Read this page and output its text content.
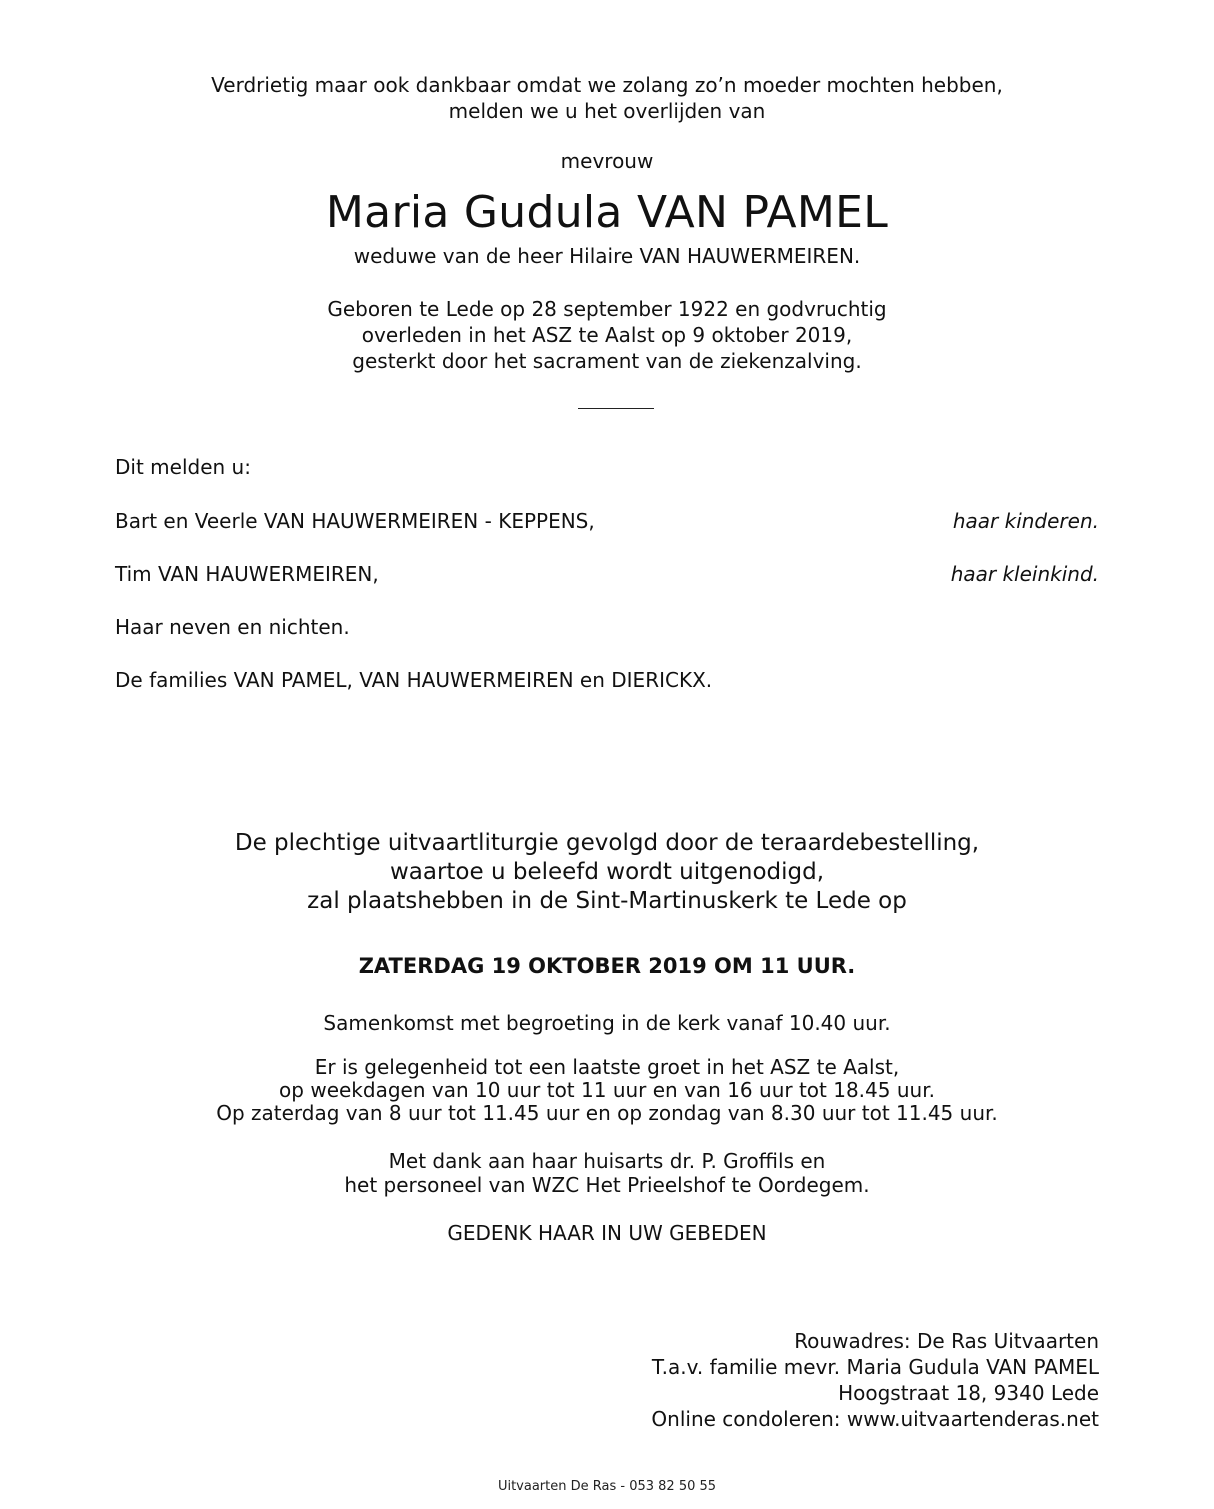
Verdrietig maar ook dankbaar omdat we zolang zo’n moeder mochten hebben,
melden we u het overlijden van
mevrouw
Maria Gudula VAN PAMEL
weduwe van de heer Hilaire VAN HAUWERMEIREN.
Geboren te Lede op 28 september 1922 en godvruchtig
overleden in het ASZ te Aalst op 9 oktober 2019,
gesterkt door het sacrament van de ziekenzalving.
Dit melden u:
Bart en Veerle VAN HAUWERMEIREN - KEPPENS,	haar kinderen.
Tim VAN HAUWERMEIREN,	haar kleinkind.
Haar neven en nichten.
De families VAN PAMEL, VAN HAUWERMEIREN en DIERICKX.
De plechtige uitvaartliturgie gevolgd door de teraardebestelling,
waartoe u beleefd wordt uitgenodigd,
zal plaatshebben in de Sint-Martinuskerk te Lede op
ZATERDAG 19 OKTOBER 2019 OM 11 UUR.
Samenkomst met begroeting in de kerk vanaf 10.40 uur.
Er is gelegenheid tot een laatste groet in het ASZ te Aalst,
op weekdagen van 10 uur tot 11 uur en van 16 uur tot 18.45 uur.
Op zaterdag van 8 uur tot 11.45 uur en op zondag van 8.30 uur tot 11.45 uur.
Met dank aan haar huisarts dr. P. Groffils en
het personeel van WZC Het Prieelshof te Oordegem.
GEDENK HAAR IN UW GEBEDEN
Rouwadres: De Ras Uitvaarten
T.a.v. familie mevr. Maria Gudula VAN PAMEL
Hoogstraat 18, 9340 Lede
Online condoleren: www.uitvaartenderas.net
Uitvaarten De Ras - 053 82 50 55
